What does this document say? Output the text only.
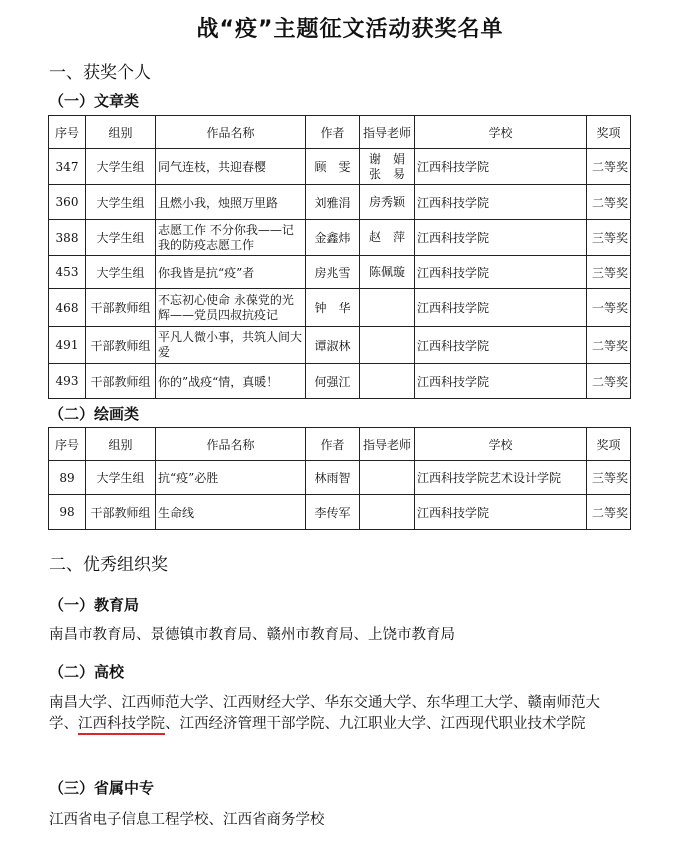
战“疫”主题征文活动获奖名单
一、获奖个人
（一）文章类
序号	组别	作品名称	作者	指导老师	学校	奖项
347	大学生组	同气连枝，共迎春樱	顾　雯	谢　娟 张　易	江西科技学院	二等奖
360	大学生组	且燃小我，烛照万里路	刘雅涓	房秀颖	江西科技学院	二等奖
388	大学生组	志愿工作 不分你我——记我的防疫志愿工作	金鑫炜	赵　萍	江西科技学院	三等奖
453	大学生组	你我皆是抗“疫”者	房兆雪	陈佩璇	江西科技学院	三等奖
468	干部教师组	不忘初心使命 永葆党的光辉——党员四叔抗疫记	钟　华		江西科技学院	一等奖
491	干部教师组	平凡人微小事，共筑人间大爱	谭淑林		江西科技学院	二等奖
493	干部教师组	你的”战疫“情，真暖！	何强江		江西科技学院	二等奖
（二）绘画类
序号	组别	作品名称	作者	指导老师	学校	奖项
89	大学生组	抗“疫”必胜	林雨智		江西科技学院艺术设计学院	三等奖
98	干部教师组	生命线	李传军		江西科技学院	二等奖
二、优秀组织奖
（一）教育局

南昌市教育局、景德镇市教育局、赣州市教育局、上饶市教育局

（二）高校

南昌大学、江西师范大学、江西财经大学、华东交通大学、东华理工大学、赣南师范大学、江西科技学院、江西经济管理干部学院、九江职业大学、江西现代职业技术学院

（三）省属中专

江西省电子信息工程学校、江西省商务学校
